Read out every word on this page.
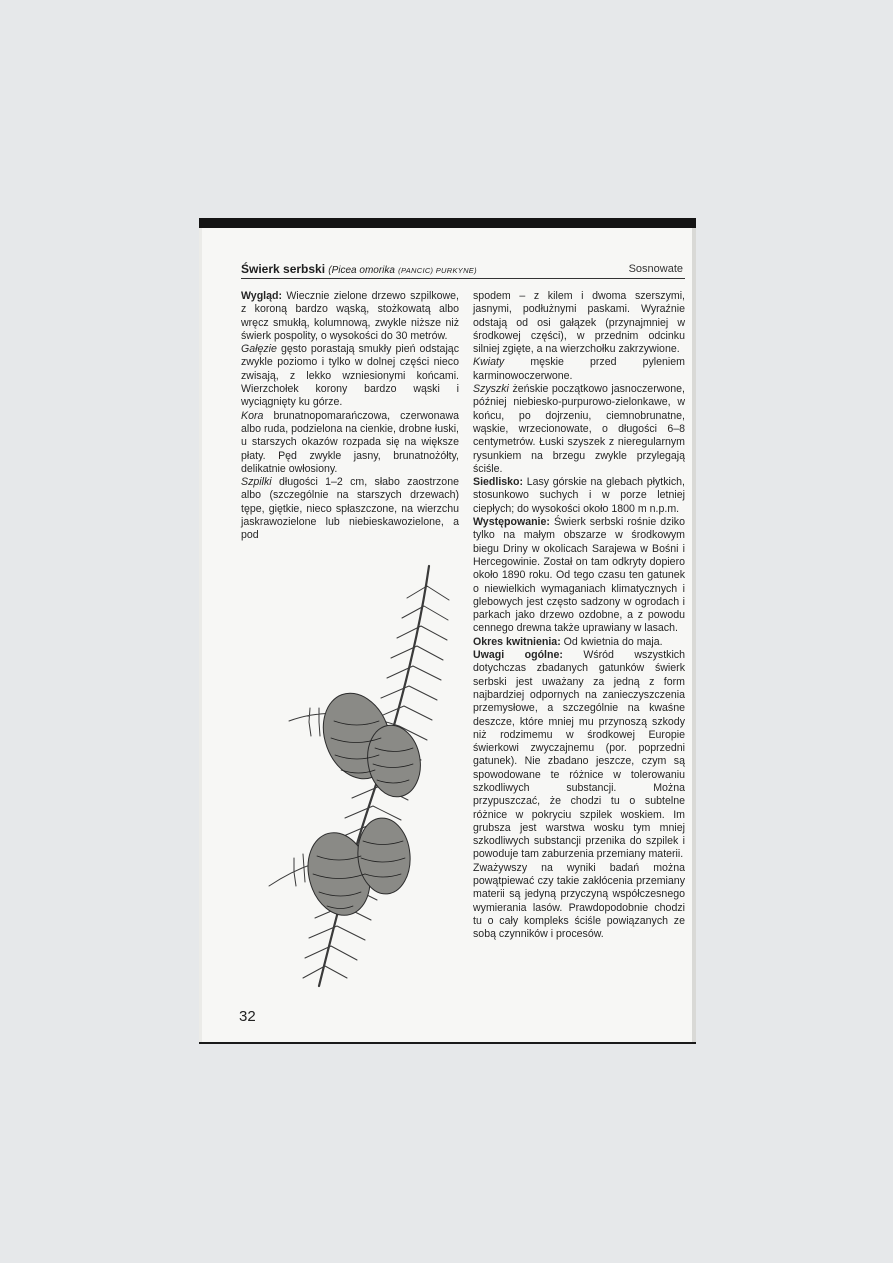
Świerk serbski (Picea omorika (PANCIC) PURKYNE)	Sosnowate

Wygląd: Wiecznie zielone drzewo szpilkowe, z koroną bardzo wąską, stożkowatą albo wręcz smukłą, kolumnową, zwykle niższe niż świerk pospolity, o wysokości do 30 metrów.

Gałęzie gęsto porastają smukły pień odstając zwykle poziomo i tylko w dolnej części nieco zwisają, z lekko wzniesionymi końcami. Wierzchołek korony bardzo wąski i wyciągnięty ku górze.

Kora brunatnopomarańczowa, czerwonawa albo ruda, podzielona na cienkie, drobne łuski, u starszych okazów rozpada się na większe płaty. Pęd zwykle jasny, brunatnożółty, delikatnie owłosiony.

Szpilki długości 1–2 cm, słabo zaostrzone albo (szczególnie na starszych drzewach) tępe, giętkie, nieco spłaszczone, na wierzchu jaskrawozielone lub niebieskawozielone, a pod

spodem – z kilem i dwoma szerszymi, jasnymi, podłużnymi paskami. Wyraźnie odstają od osi gałązek (przynajmniej w środkowej części), w przednim odcinku silniej zgięte, a na wierzchołku zakrzywione.

Kwiaty męskie przed pyleniem karminowoczerwone.

Szyszki żeńskie początkowo jasnoczerwone, później niebiesko-purpurowo-zielonkawe, w końcu, po dojrzeniu, ciemnobrunatne, wąskie, wrzecionowate, o długości 6–8 centymetrów. Łuski szyszek z nieregularnym rysunkiem na brzegu zwykle przylegają ściśle.

Siedlisko: Lasy górskie na glebach płytkich, stosunkowo suchych i w porze letniej ciepłych; do wysokości około 1800 m n.p.m.

Występowanie: Świerk serbski rośnie dziko tylko na małym obszarze w środkowym biegu Driny w okolicach Sarajewa w Bośni i Hercegowinie. Został on tam odkryty dopiero około 1890 roku. Od tego czasu ten gatunek o niewielkich wymaganiach klimatycznych i glebowych jest często sadzony w ogrodach i parkach jako drzewo ozdobne, a z powodu cennego drewna także uprawiany w lasach.

Okres kwitnienia: Od kwietnia do maja.

Uwagi ogólne: Wśród wszystkich dotychczas zbadanych gatunków świerk serbski jest uważany za jedną z form najbardziej odpornych na zanieczyszczenia przemysłowe, a szczególnie na kwaśne deszcze, które mniej mu przynoszą szkody niż rodzimemu w środkowej Europie świerkowi zwyczajnemu (por. poprzedni gatunek). Nie zbadano jeszcze, czym są spowodowane te różnice w tolerowaniu szkodliwych substancji. Można przypuszczać, że chodzi tu o subtelne różnice w pokryciu szpilek woskiem. Im grubsza jest warstwa wosku tym mniej szkodliwych substancji przenika do szpilek i powoduje tam zaburzenia przemiany materii.

Zważywszy na wyniki badań można powątpiewać czy takie zakłócenia przemiany materii są jedyną przyczyną współczesnego wymierania lasów. Prawdopodobnie chodzi tu o cały kompleks ściśle powiązanych ze sobą czynników i procesów.

32
